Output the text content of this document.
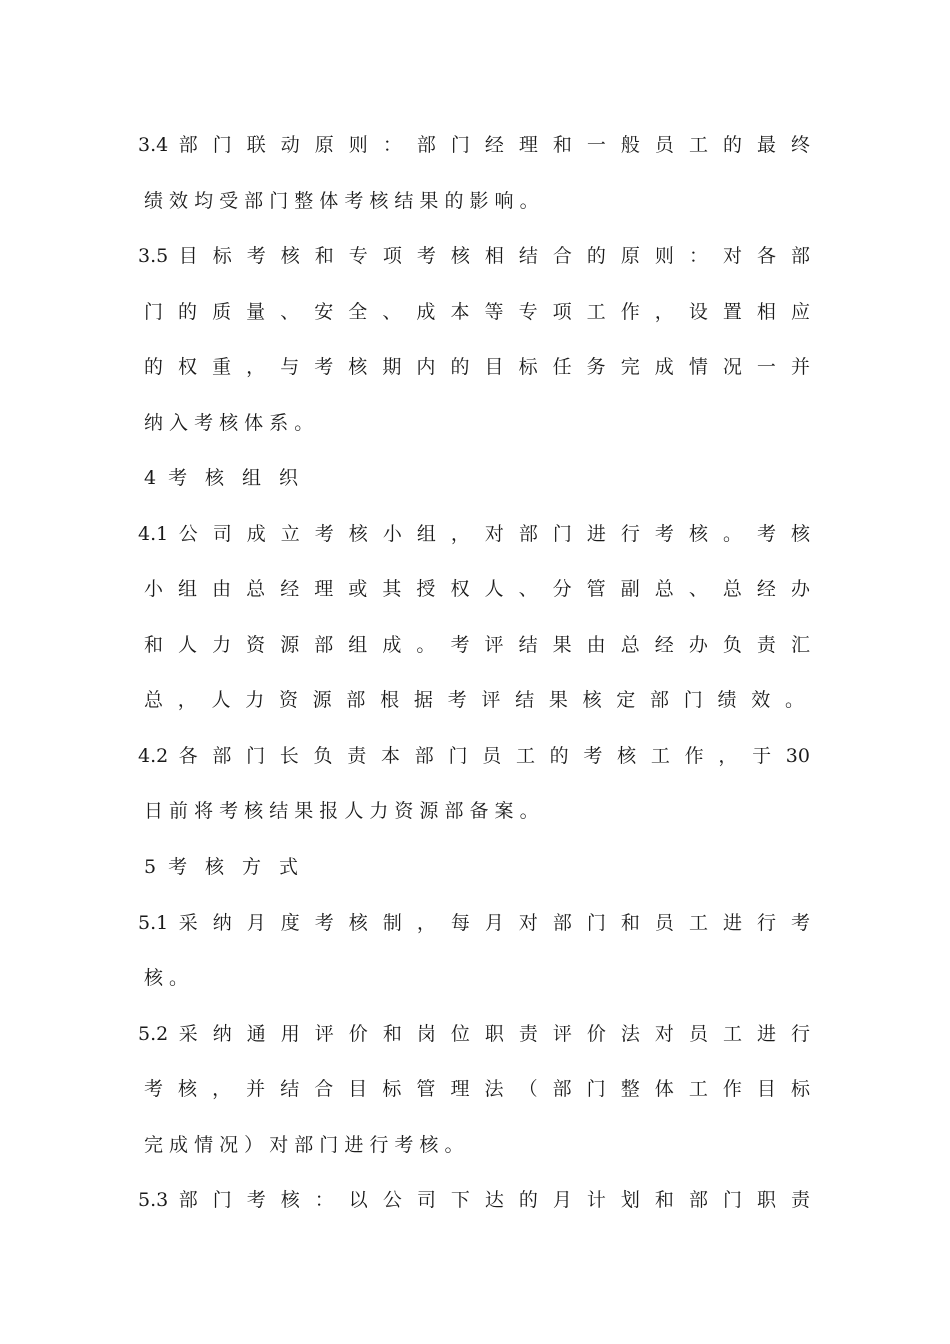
3.4 部 门 联 动 原 则 ： 部 门 经 理 和 一 般 员 工 的 最 终
绩 效 均 受 部 门 整 体 考 核 结 果 的 影 响 。
3.5 目 标 考 核 和 专 项 考 核 相 结 合 的 原 则 ： 对 各 部
门 的 质 量 、 安 全 、 成 本 等 专 项 工 作 ， 设 置 相 应
的 权 重 ， 与 考 核 期 内 的 目 标 任 务 完 成 情 况 一 并
纳 入 考 核 体 系 。
4 考 核 组 织
4.1 公 司 成 立 考 核 小 组 ， 对 部 门 进 行 考 核 。 考 核
小 组 由 总 经 理 或 其 授 权 人 、 分 管 副 总 、 总 经 办
和 人 力 资 源 部 组 成 。 考 评 结 果 由 总 经 办 负 责 汇
总 ， 人 力 资 源 部 根 据 考 评 结 果 核 定 部 门 绩 效 。
4.2 各 部 门 长 负 责 本 部 门 员 工 的 考 核 工 作 ， 于 30
日 前 将 考 核 结 果 报 人 力 资 源 部 备 案 。
5 考 核 方 式
5.1 采 纳 月 度 考 核 制 ， 每 月 对 部 门 和 员 工 进 行 考
核 。
5.2 采 纳 通 用 评 价 和 岗 位 职 责 评 价 法 对 员 工 进 行
考 核 ， 并 结 合 目 标 管 理 法 （ 部 门 整 体 工 作 目 标
完 成 情 况 ） 对 部 门 进 行 考 核 。
5.3 部 门 考 核 ： 以 公 司 下 达 的 月 计 划 和 部 门 职 责
